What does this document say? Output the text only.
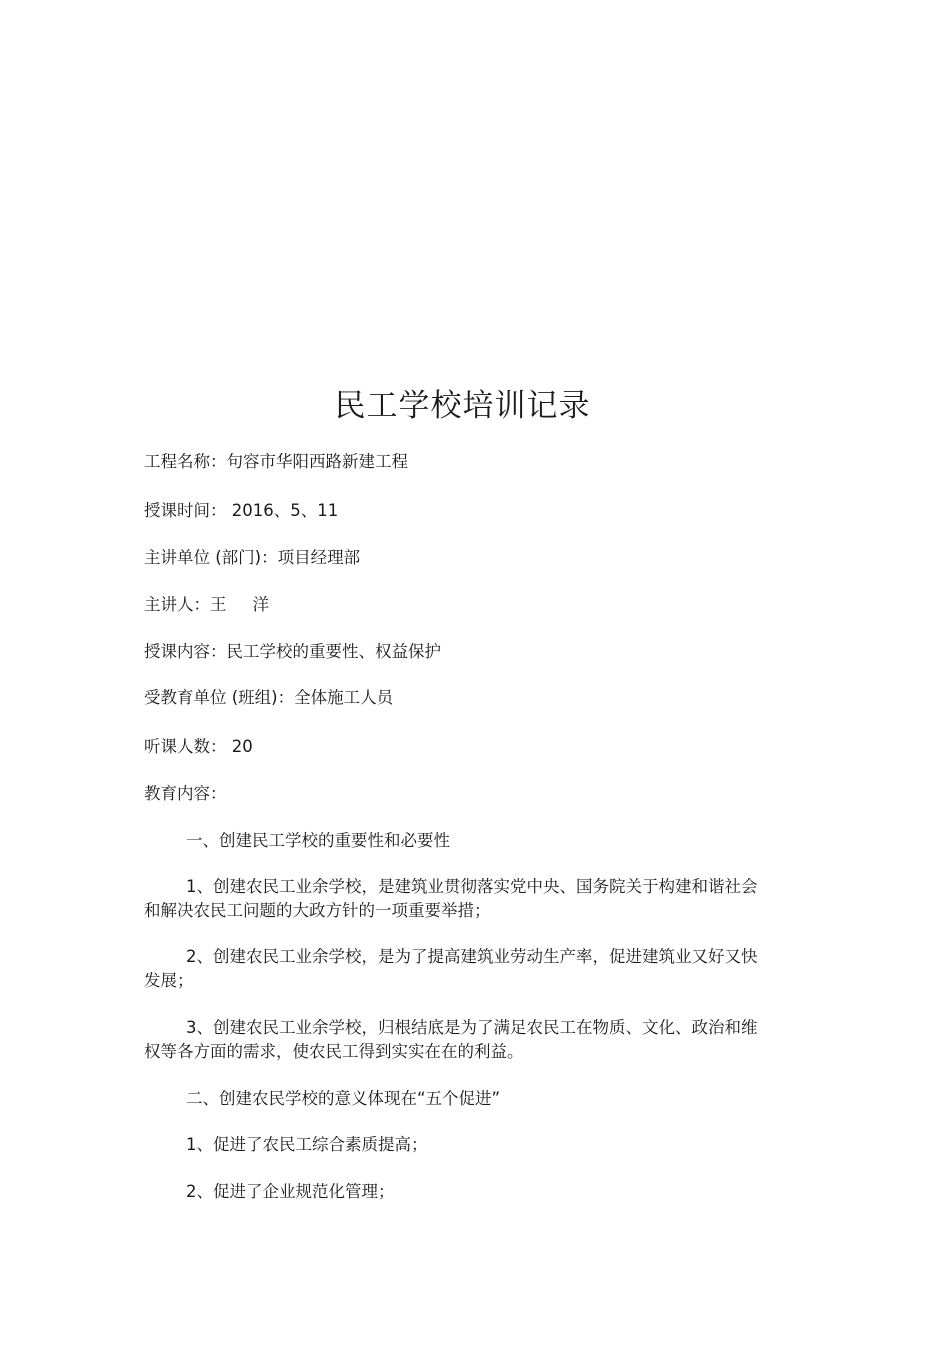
民工学校培训记录
工程名称：句容市华阳西路新建工程
授课时间： 2016、5、11
主讲单位 (部门)：项目经理部
主讲人：王 洋
授课内容：民工学校的重要性、权益保护
受教育单位 (班组)：全体施工人员
听课人数： 20
教育内容：
一、创建民工学校的重要性和必要性
1、创建农民工业余学校，是建筑业贯彻落实党中央、国务院关于构建和谐社会和解决农民工问题的大政方针的一项重要举措；
2、创建农民工业余学校，是为了提高建筑业劳动生产率，促进建筑业又好又快发展；
3、创建农民工业余学校，归根结底是为了满足农民工在物质、文化、政治和维权等各方面的需求，使农民工得到实实在在的利益。
二、创建农民学校的意义体现在“五个促进”
1、促进了农民工综合素质提高；
2、促进了企业规范化管理；
